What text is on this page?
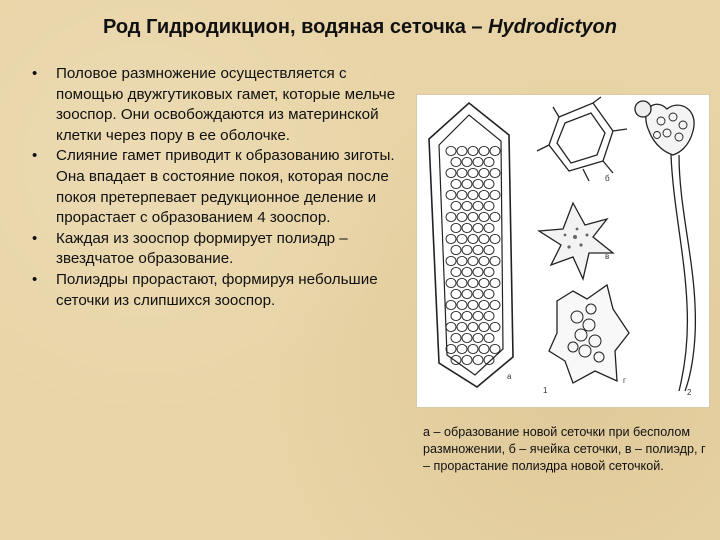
Род Гидродикцион, водяная сеточка – Hydrodictyon
• Половое размножение осуществляется с помощью двужгутиковых гамет, которые мельче зооспор. Они освобождаются из материнской клетки через пору в ее оболочке.
• Слияние гамет приводит к образованию зиготы. Она впадает в состояние покоя, которая после покоя претерпевает редукционное деление и прорастает с образованием 4 зооспор.
• Каждая из зооспор формирует полиэдр – звездчатое образование.
• Полиэдры прорастают, формируя небольшие сеточки из слипшихся зооспор.
а
б
в
г
1	2
а – образование новой сеточки при бесполом размножении, б – ячейка сеточки, в – полиэдр, г – прорастание полиэдра новой сеточкой.
